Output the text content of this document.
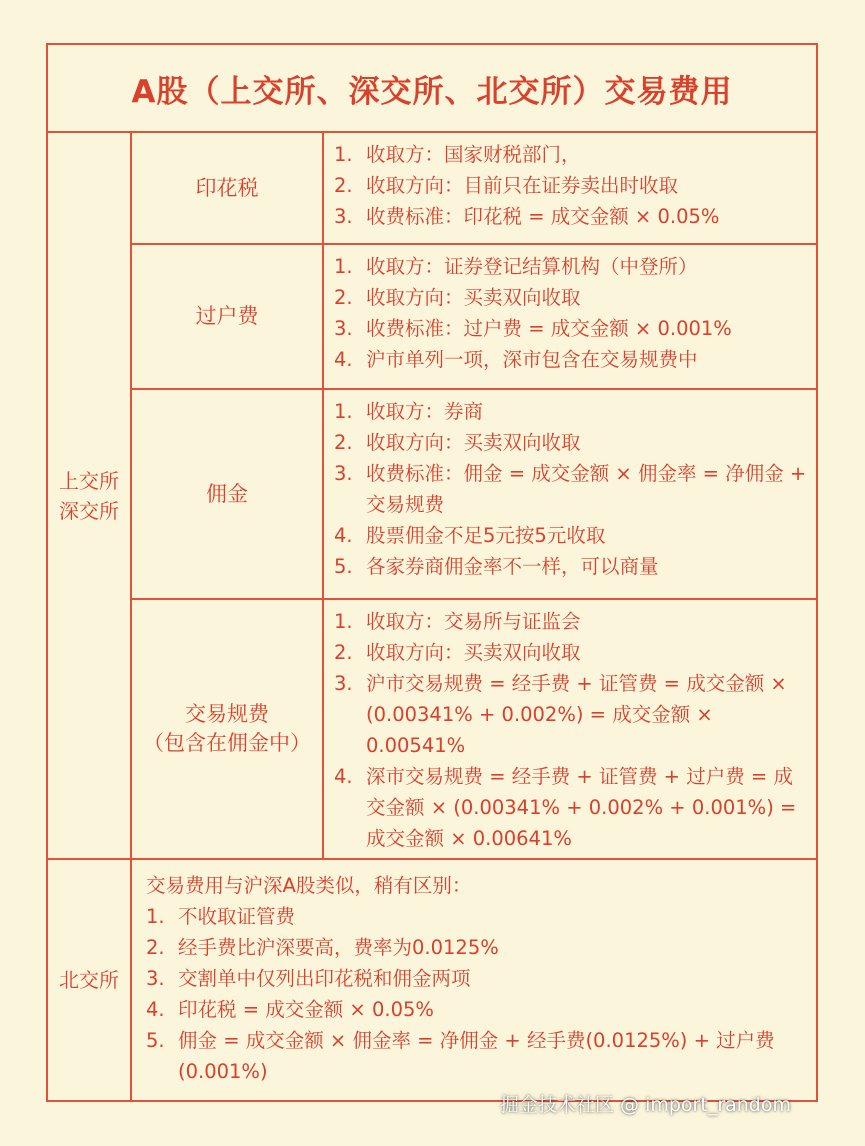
A股（上交所、深交所、北交所）交易费用
上交所
深交所
印花税
1. 收取方：国家财税部门，
2. 收取方向：目前只在证券卖出时收取
3. 收费标准：印花税 = 成交金额 × 0.05%
过户费
1. 收取方：证券登记结算机构（中登所）
2. 收取方向：买卖双向收取
3. 收费标准：过户费 = 成交金额 × 0.001%
4. 沪市单列一项，深市包含在交易规费中
佣金
1. 收取方：券商
2. 收取方向：买卖双向收取
3. 收费标准：佣金 = 成交金额 × 佣金率 = 净佣金 + 交易规费
4. 股票佣金不足5元按5元收取
5. 各家券商佣金率不一样，可以商量
交易规费
（包含在佣金中）
1. 收取方：交易所与证监会
2. 收取方向：买卖双向收取
3. 沪市交易规费 = 经手费 + 证管费 = 成交金额 × (0.00341% + 0.002%) = 成交金额 × 0.00541%
4. 深市交易规费 = 经手费 + 证管费 + 过户费 = 成交金额 × (0.00341% + 0.002% + 0.001%) = 成交金额 × 0.00641%
北交所

交易费用与沪深A股类似，稍有区别：

1. 不收取证管费
2. 经手费比沪深要高，费率为0.0125%
3. 交割单中仅列出印花税和佣金两项
4. 印花税 = 成交金额 × 0.05%
5. 佣金 = 成交金额 × 佣金率 = 净佣金 + 经手费(0.0125%) + 过户费(0.001%)
掘金技术社区 @ import_random
